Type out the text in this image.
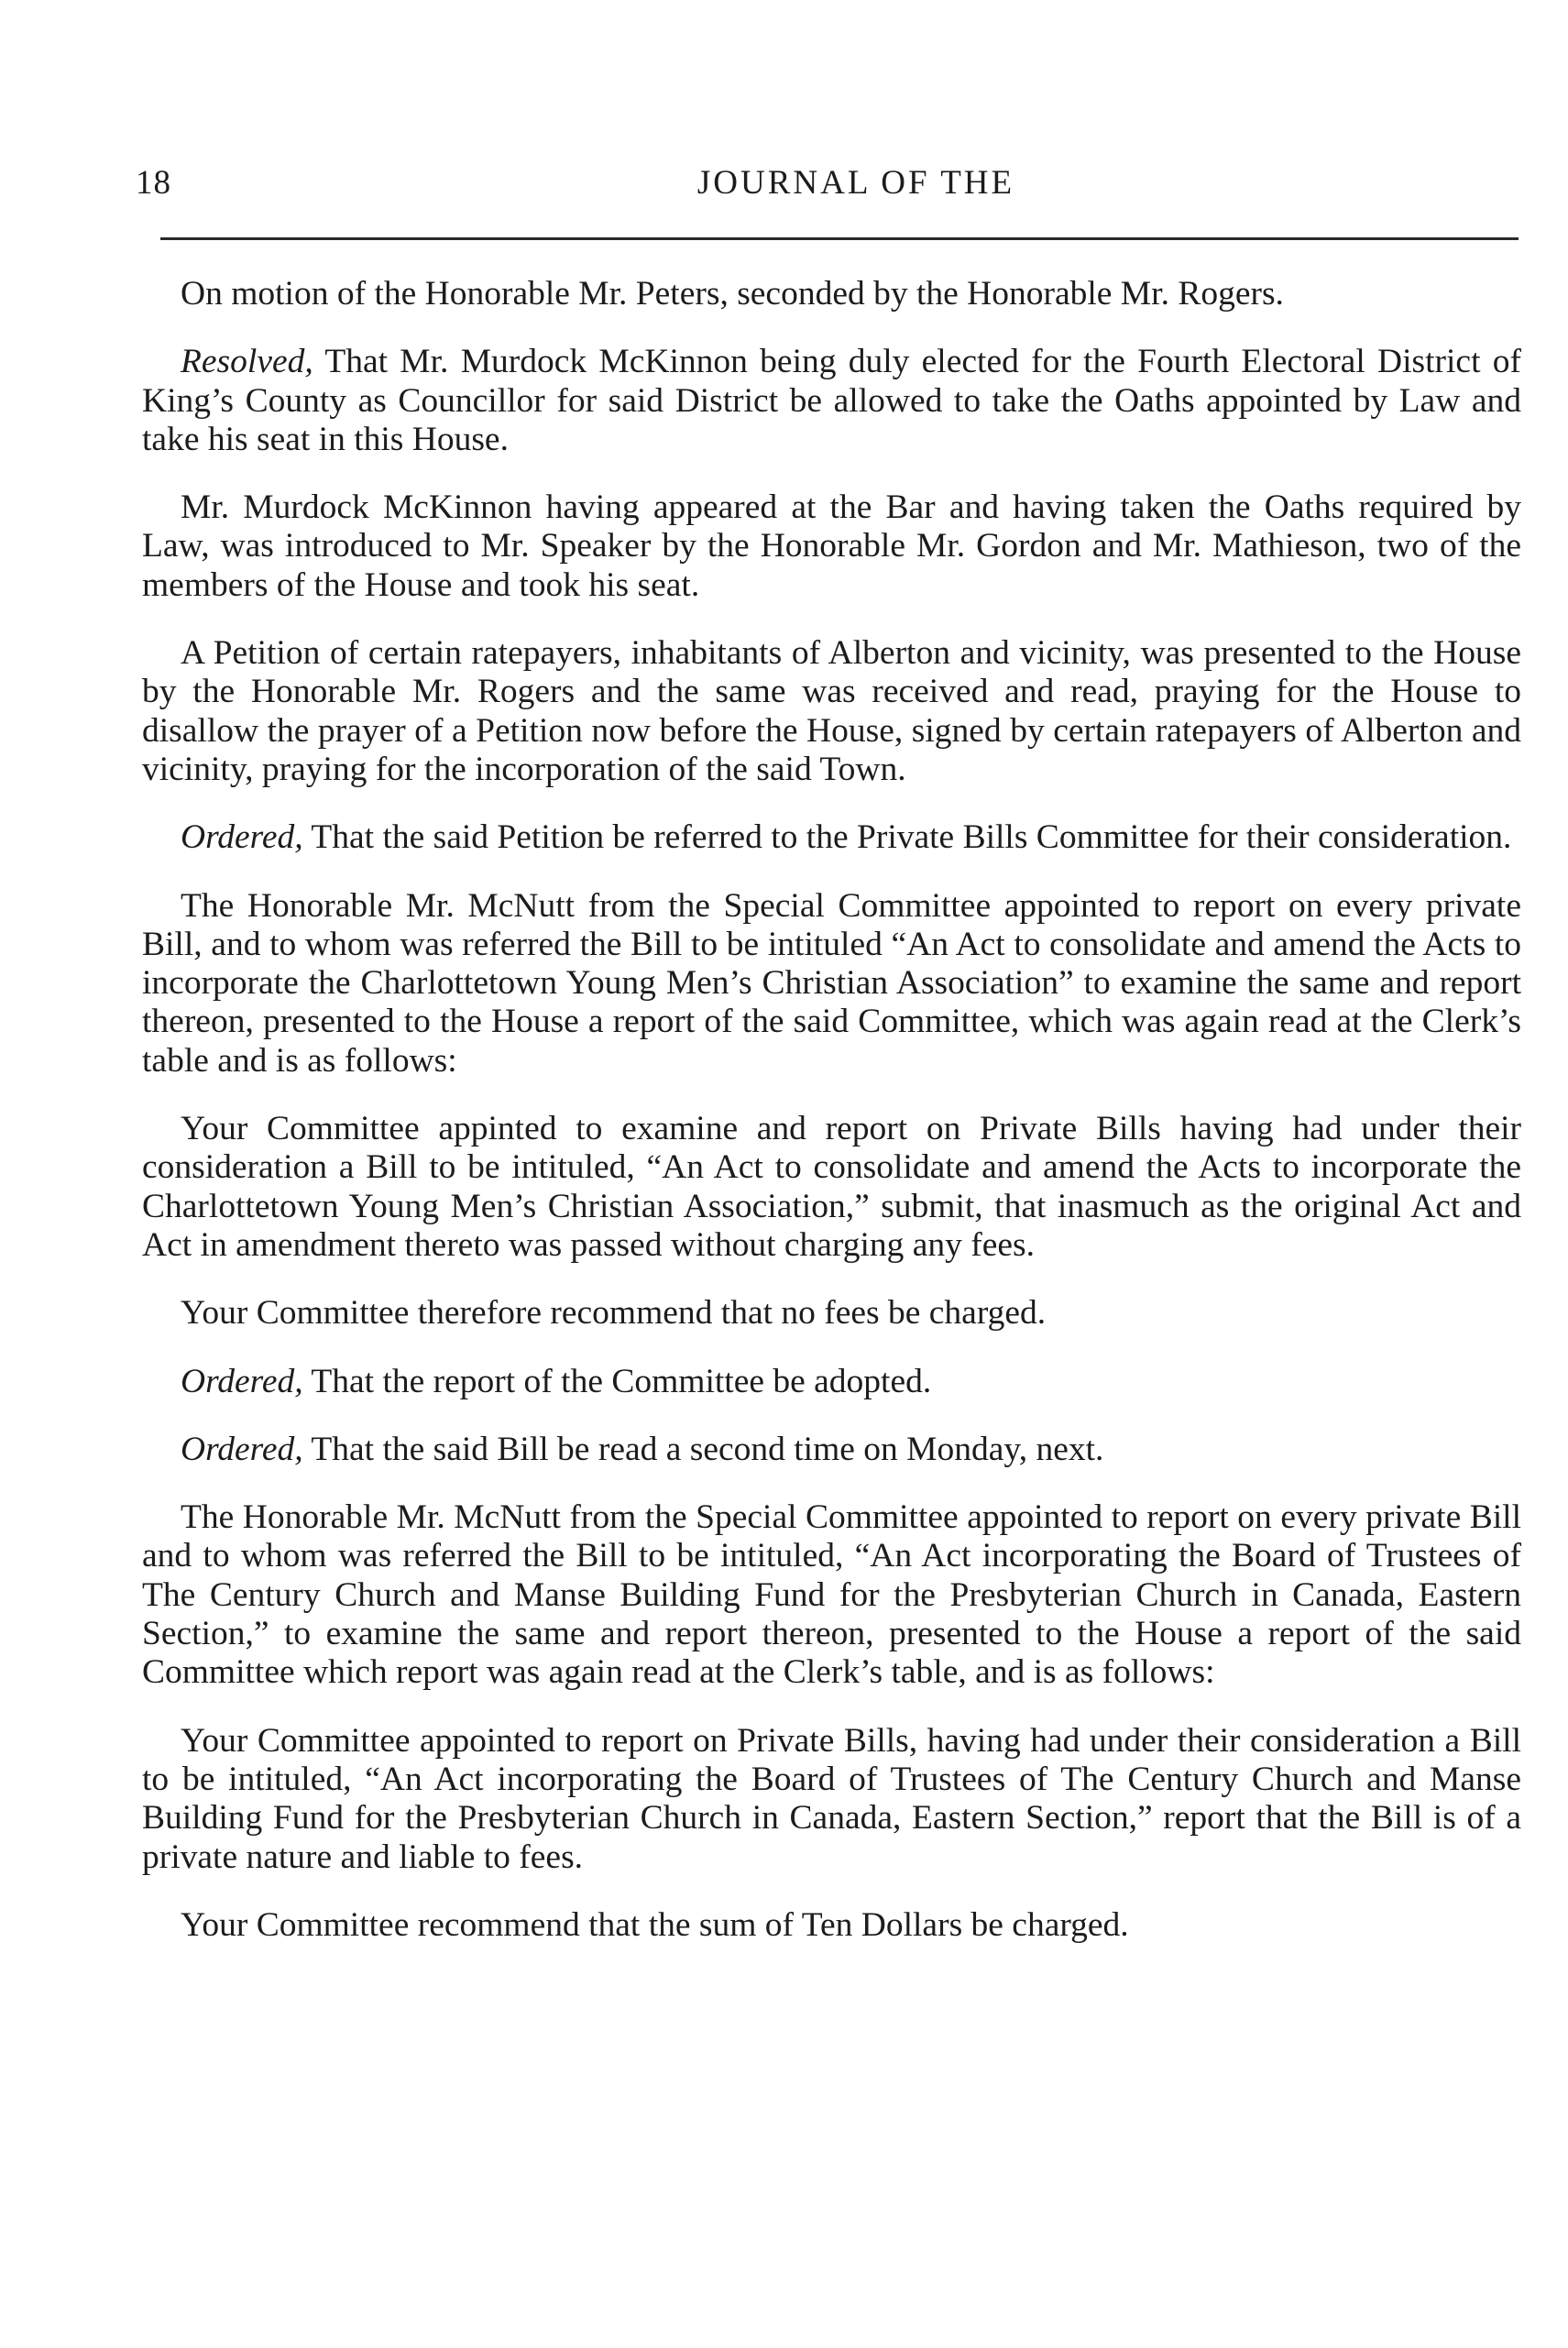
18	JOURNAL OF THE

On motion of the Honorable Mr. Peters, seconded by the Honorable Mr. Rogers.

Resolved, That Mr. Murdock McKinnon being duly elected for the Fourth Electoral District of King’s County as Councillor for said District be allowed to take the Oaths appointed by Law and take his seat in this House.

Mr. Murdock McKinnon having appeared at the Bar and having taken the Oaths required by Law, was introduced to Mr. Speaker by the Honorable Mr. Gordon and Mr. Mathieson, two of the members of the House and took his seat.

A Petition of certain ratepayers, inhabitants of Alberton and vicinity, was presented to the House by the Honorable Mr. Rogers and the same was received and read, praying for the House to disallow the prayer of a Petition now before the House, signed by certain ratepayers of Alberton and vicinity, praying for the incorporation of the said Town.

Ordered, That the said Petition be referred to the Private Bills Committee for their consideration.

The Honorable Mr. McNutt from the Special Committee appointed to report on every private Bill, and to whom was referred the Bill to be intituled “An Act to consolidate and amend the Acts to incorporate the Charlottetown Young Men’s Christian Association” to examine the same and report thereon, presented to the House a report of the said Committee, which was again read at the Clerk’s table and is as follows:

Your Committee appinted to examine and report on Private Bills having had under their consideration a Bill to be intituled, “An Act to consolidate and amend the Acts to incorporate the Charlottetown Young Men’s Christian Association,” submit, that inasmuch as the original Act and Act in amendment thereto was passed without charging any fees.

Your Committee therefore recommend that no fees be charged.

Ordered, That the report of the Committee be adopted.

Ordered, That the said Bill be read a second time on Monday, next.

The Honorable Mr. McNutt from the Special Committee appointed to report on every private Bill and to whom was referred the Bill to be intituled, “An Act incorporating the Board of Trustees of The Century Church and Manse Building Fund for the Presbyterian Church in Canada, Eastern Section,” to examine the same and report thereon, presented to the House a report of the said Committee which report was again read at the Clerk’s table, and is as follows:

Your Committee appointed to report on Private Bills, having had under their consideration a Bill to be intituled, “An Act incorporating the Board of Trustees of The Century Church and Manse Building Fund for the Presbyterian Church in Canada, Eastern Section,” report that the Bill is of a private nature and liable to fees.

Your Committee recommend that the sum of Ten Dollars be charged.
